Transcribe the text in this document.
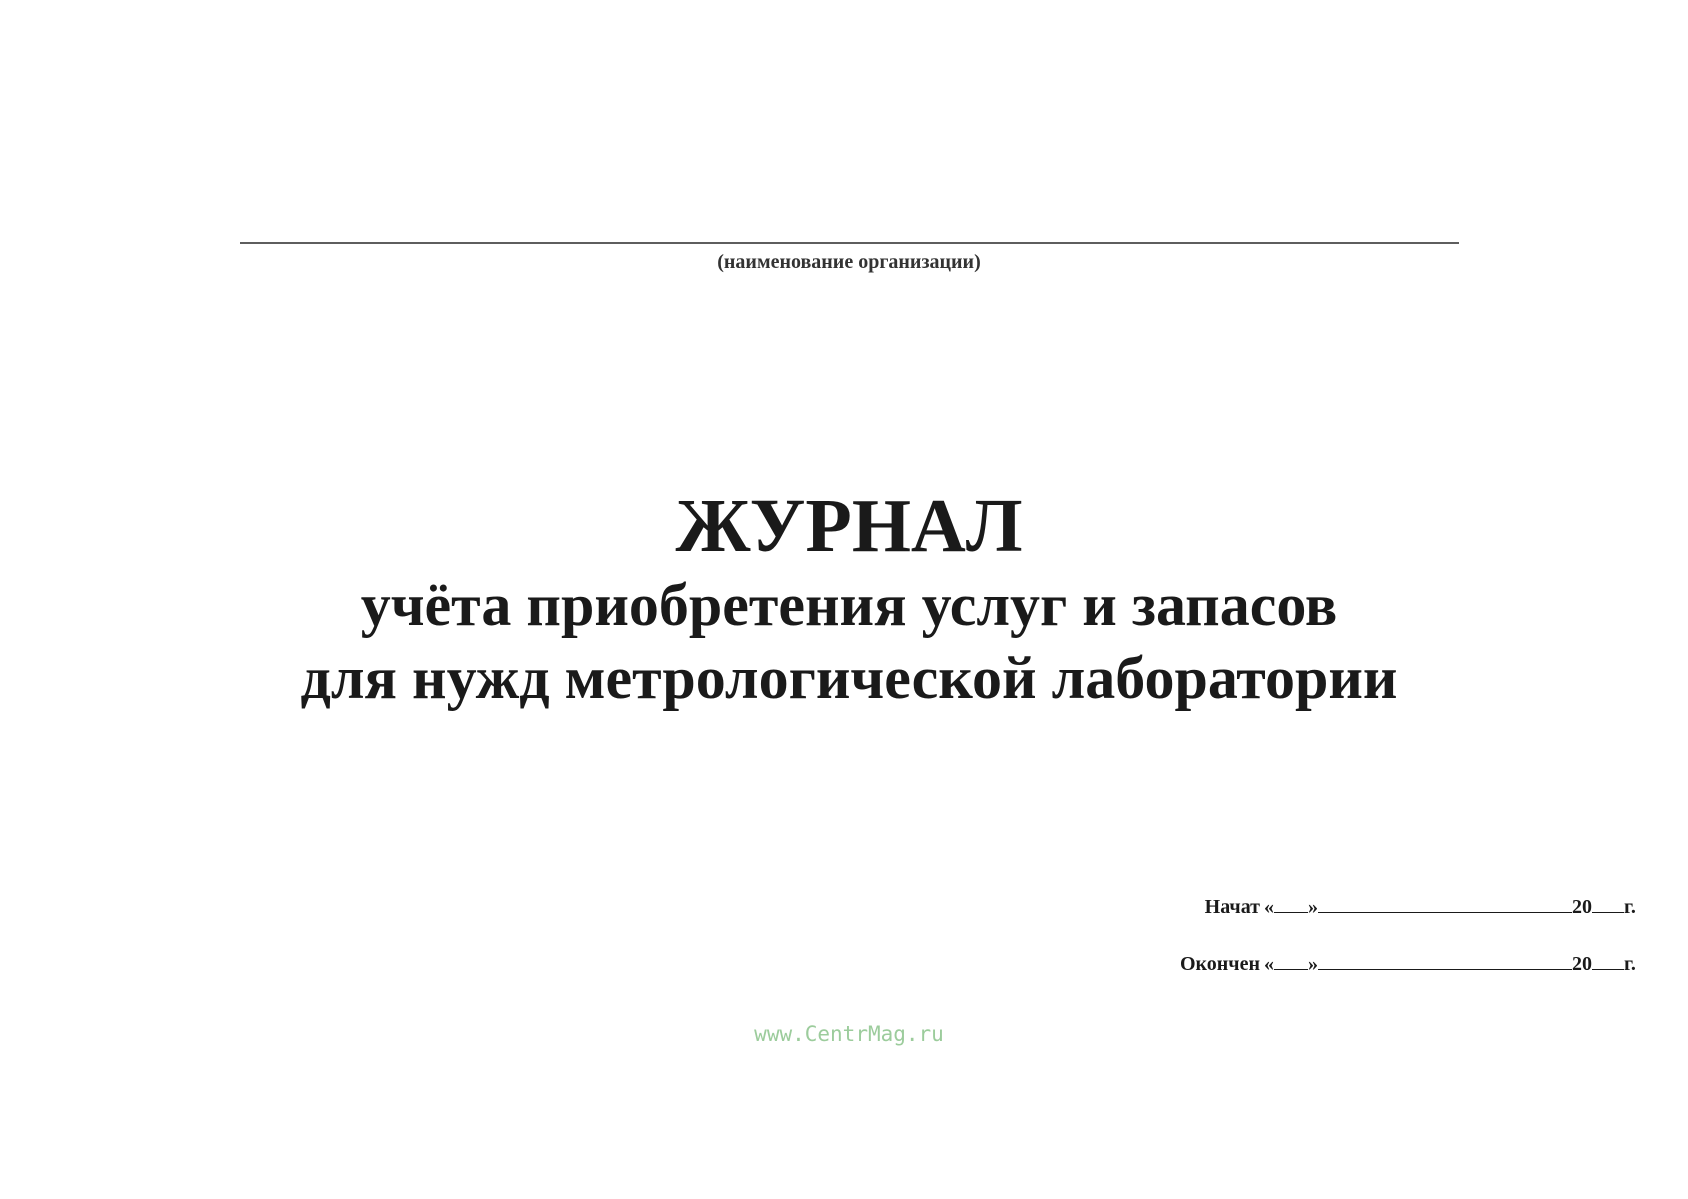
(наименование организации)
ЖУРНАЛ
учёта приобретения услуг и запасов
для нужд метрологической лаборатории
Начат « »	20 г.
Окончен « »	20 г.
www.CentrMag.ru
